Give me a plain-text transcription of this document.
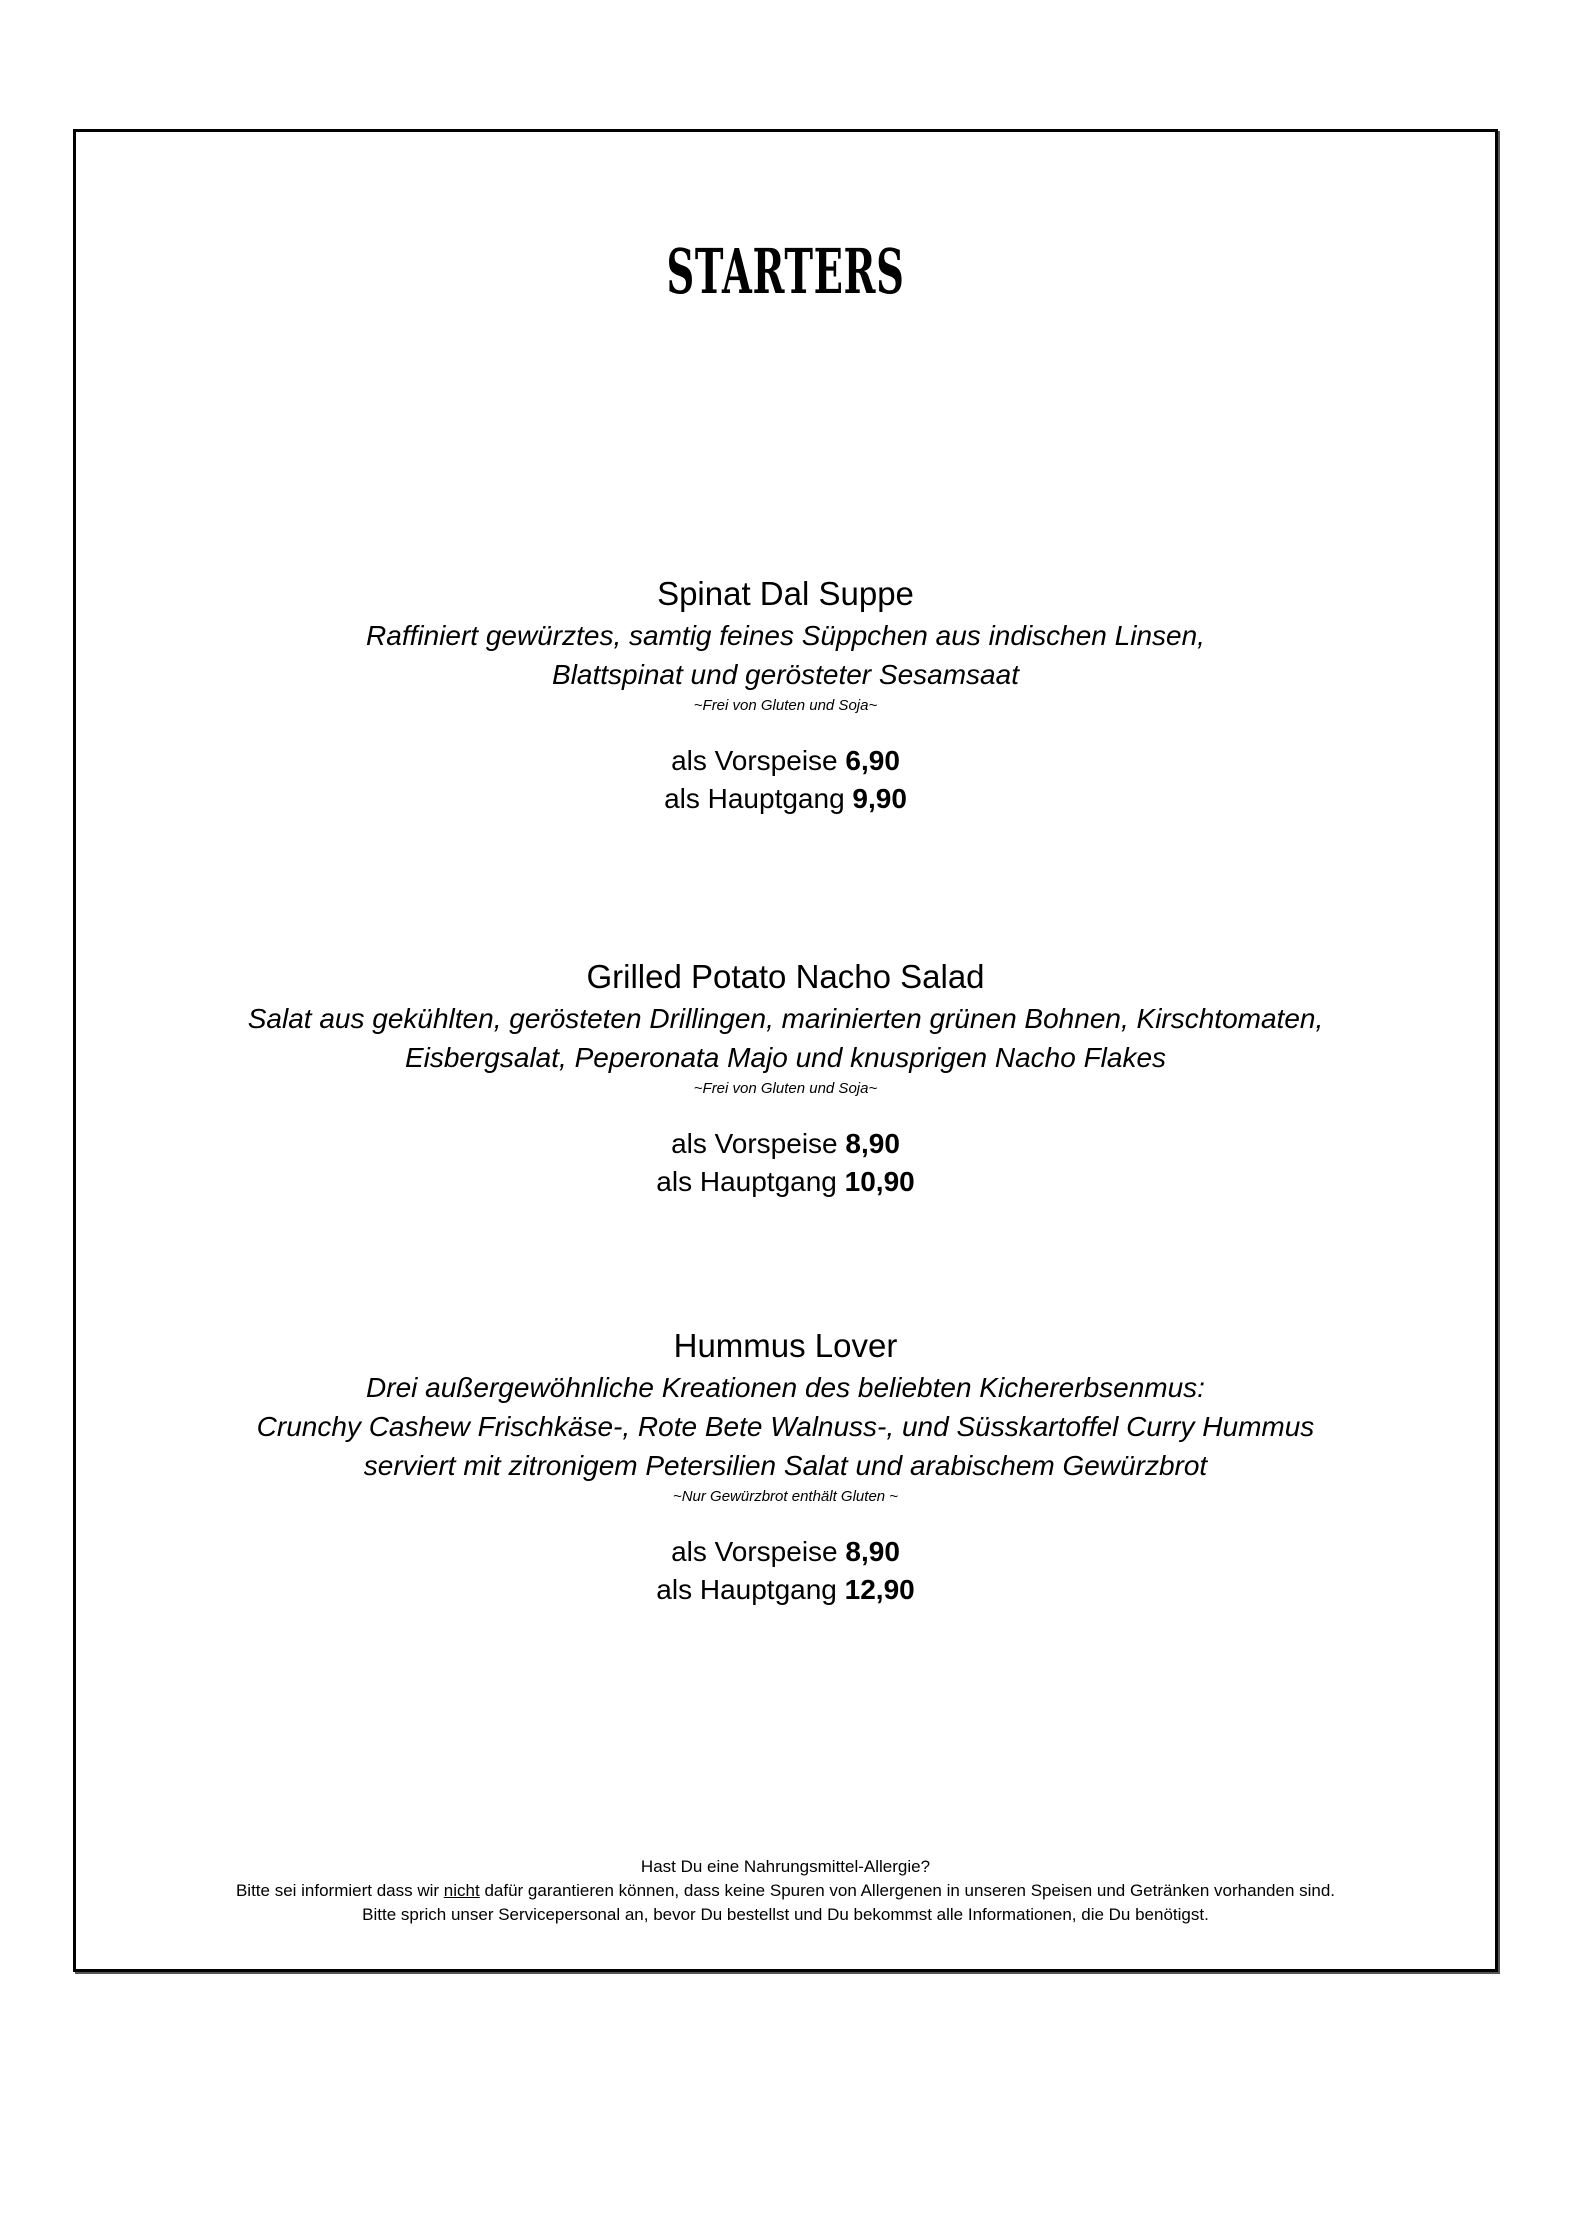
STARTERS
Spinat Dal Suppe
Raffiniert gewürztes, samtig feines Süppchen aus indischen Linsen,
Blattspinat und gerösteter Sesamsaat
~Frei von Gluten und Soja~
als Vorspeise 6,90
als Hauptgang 9,90
Grilled Potato Nacho Salad
Salat aus gekühlten, gerösteten Drillingen, marinierten grünen Bohnen, Kirschtomaten,
Eisbergsalat, Peperonata Majo und knusprigen Nacho Flakes
~Frei von Gluten und Soja~
als Vorspeise 8,90
als Hauptgang 10,90
Hummus Lover
Drei außergewöhnliche Kreationen des beliebten Kichererbsenmus:
Crunchy Cashew Frischkäse-, Rote Bete Walnuss-, und Süsskartoffel Curry Hummus
serviert mit zitronigem Petersilien Salat und arabischem Gewürzbrot
~Nur Gewürzbrot enthält Gluten ~
als Vorspeise 8,90
als Hauptgang 12,90
Hast Du eine Nahrungsmittel-Allergie?
Bitte sei informiert dass wir nicht dafür garantieren können, dass keine Spuren von Allergenen in unseren Speisen und Getränken vorhanden sind.
Bitte sprich unser Servicepersonal an, bevor Du bestellst und Du bekommst alle Informationen, die Du benötigst.
